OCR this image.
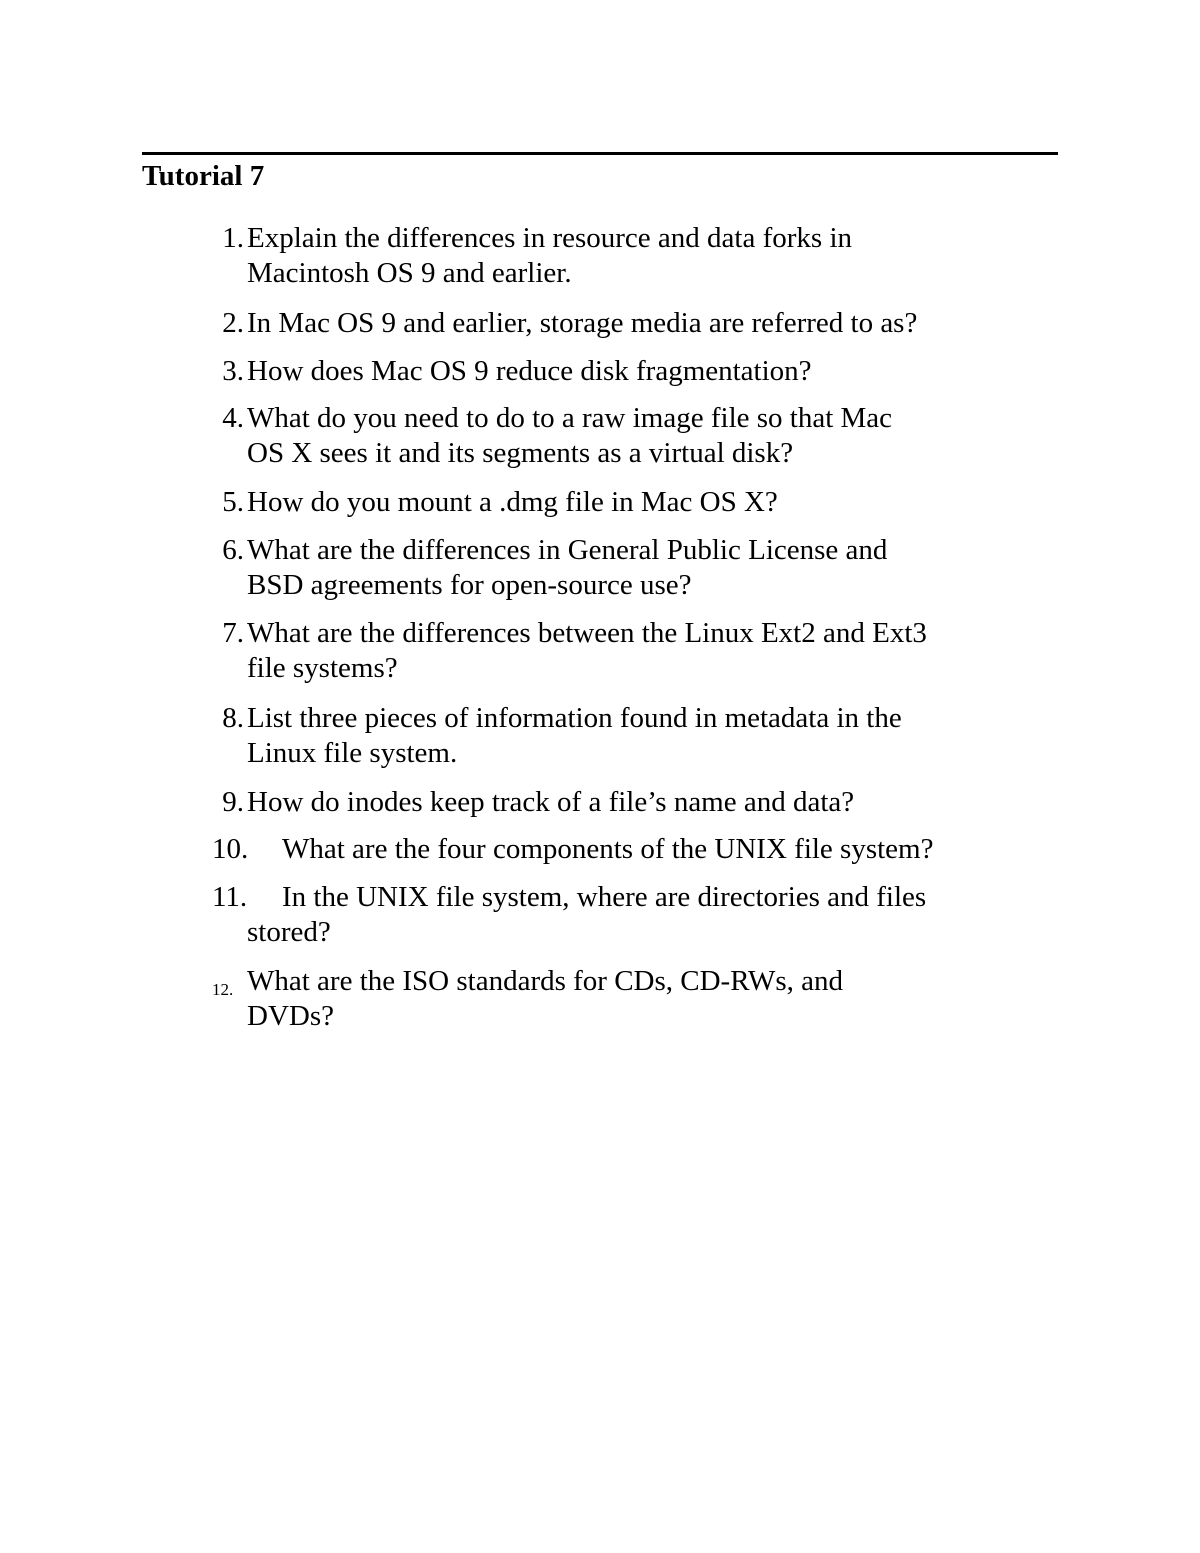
Tutorial 7
1. Explain the differences in resource and data forks in
Macintosh OS 9 and earlier.
2. In Mac OS 9 and earlier, storage media are referred to as?
3. How does Mac OS 9 reduce disk fragmentation?
4. What do you need to do to a raw image file so that Mac
OS X sees it and its segments as a virtual disk?
5. How do you mount a .dmg file in Mac OS X?
6. What are the differences in General Public License and
BSD agreements for open-source use?
7. What are the differences between the Linux Ext2 and Ext3
file systems?
8. List three pieces of information found in metadata in the
Linux file system.
9. How do inodes keep track of a file’s name and data?
10. What are the four components of the UNIX file system?
11. In the UNIX file system, where are directories and files
stored?
12. What are the ISO standards for CDs, CD-RWs, and
DVDs?
